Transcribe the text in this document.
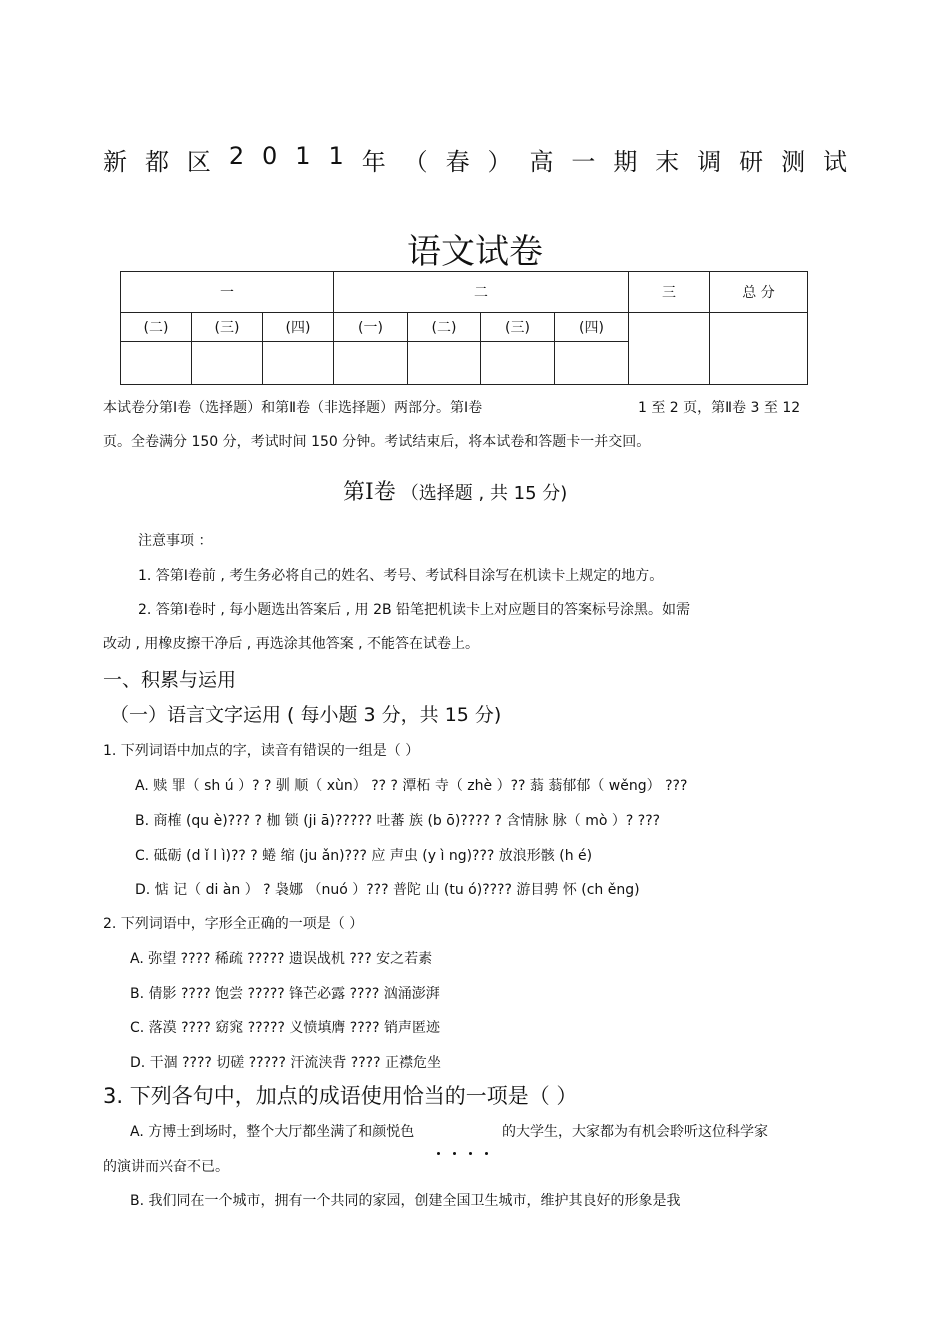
新 都 区 2 0 1 1 年 （ 春 ） 高 一 期 末 调 研 测 试
语文试卷
一			二				三	总 分

(二)	(三)	(四)	(一)	(二)	(三)	(四)		

本试卷分第Ⅰ卷（选择题）和第Ⅱ卷（非选择题）两部分。第Ⅰ卷	1 至 2 页，第Ⅱ卷 3 至 12
页。全卷满分 150 分，考试时间 150 分钟。考试结束后，将本试卷和答题卡一并交回。
第Ⅰ卷 （选择题 , 共 15 分)
注意事项 ：
1. 答第Ⅰ卷前 , 考生务必将自己的姓名、考号、考试科目涂写在机读卡上规定的地方。
2. 答第Ⅰ卷时 , 每小题选出答案后 , 用 2B 铅笔把机读卡上对应题目的答案标号涂黑。如需
改动 , 用橡皮擦干净后 , 再选涂其他答案 , 不能答在试卷上。
一、积累与运用
（一）语言文字运用 ( 每小题 3 分，共 15 分)
1. 下列词语中加点的字，读音有错误的一组是（ ）
A. 赎 罪（ sh ú ）? ? 驯 顺（ xùn） ?? ? 潭柘 寺（ zhè ）?? 蓊 蓊郁郁（ wěng） ???
B. 商榷 (qu è)??? ? 枷 锁 (ji ā)????? 吐蕃 族 (b ō)???? ? 含情脉 脉（ mò ）? ???
C. 砥砺 (d ǐ l ì)?? ? 蜷 缩 (ju ǎn)??? 应 声虫 (y ì ng)??? 放浪形骸 (h é)
D. 惦 记（ di àn ） ? 袅娜 （nuó ）??? 普陀 山 (tu ó)???? 游目骋 怀 (ch ěng)
2. 下列词语中，字形全正确的一项是（ ）
A. 弥望 ???? 稀疏 ????? 遗误战机 ??? 安之若素
B. 倩影 ???? 饱尝 ????? 锋芒必露 ???? 汹涌澎湃
C. 落漠 ???? 窈窕 ????? 义愤填膺 ???? 销声匿迹
D. 干涸 ???? 切磋 ????? 汗流浃背 ???? 正襟危坐
3. 下列各句中，加点的成语使用恰当的一项是（ ）
A. 方博士到场时，整个大厅都坐满了和颜悦色	的大学生，大家都为有机会聆听这位科学家
的演讲而兴奋不已。
B. 我们同在一个城市，拥有一个共同的家园，创建全国卫生城市，维护其良好的形象是我
